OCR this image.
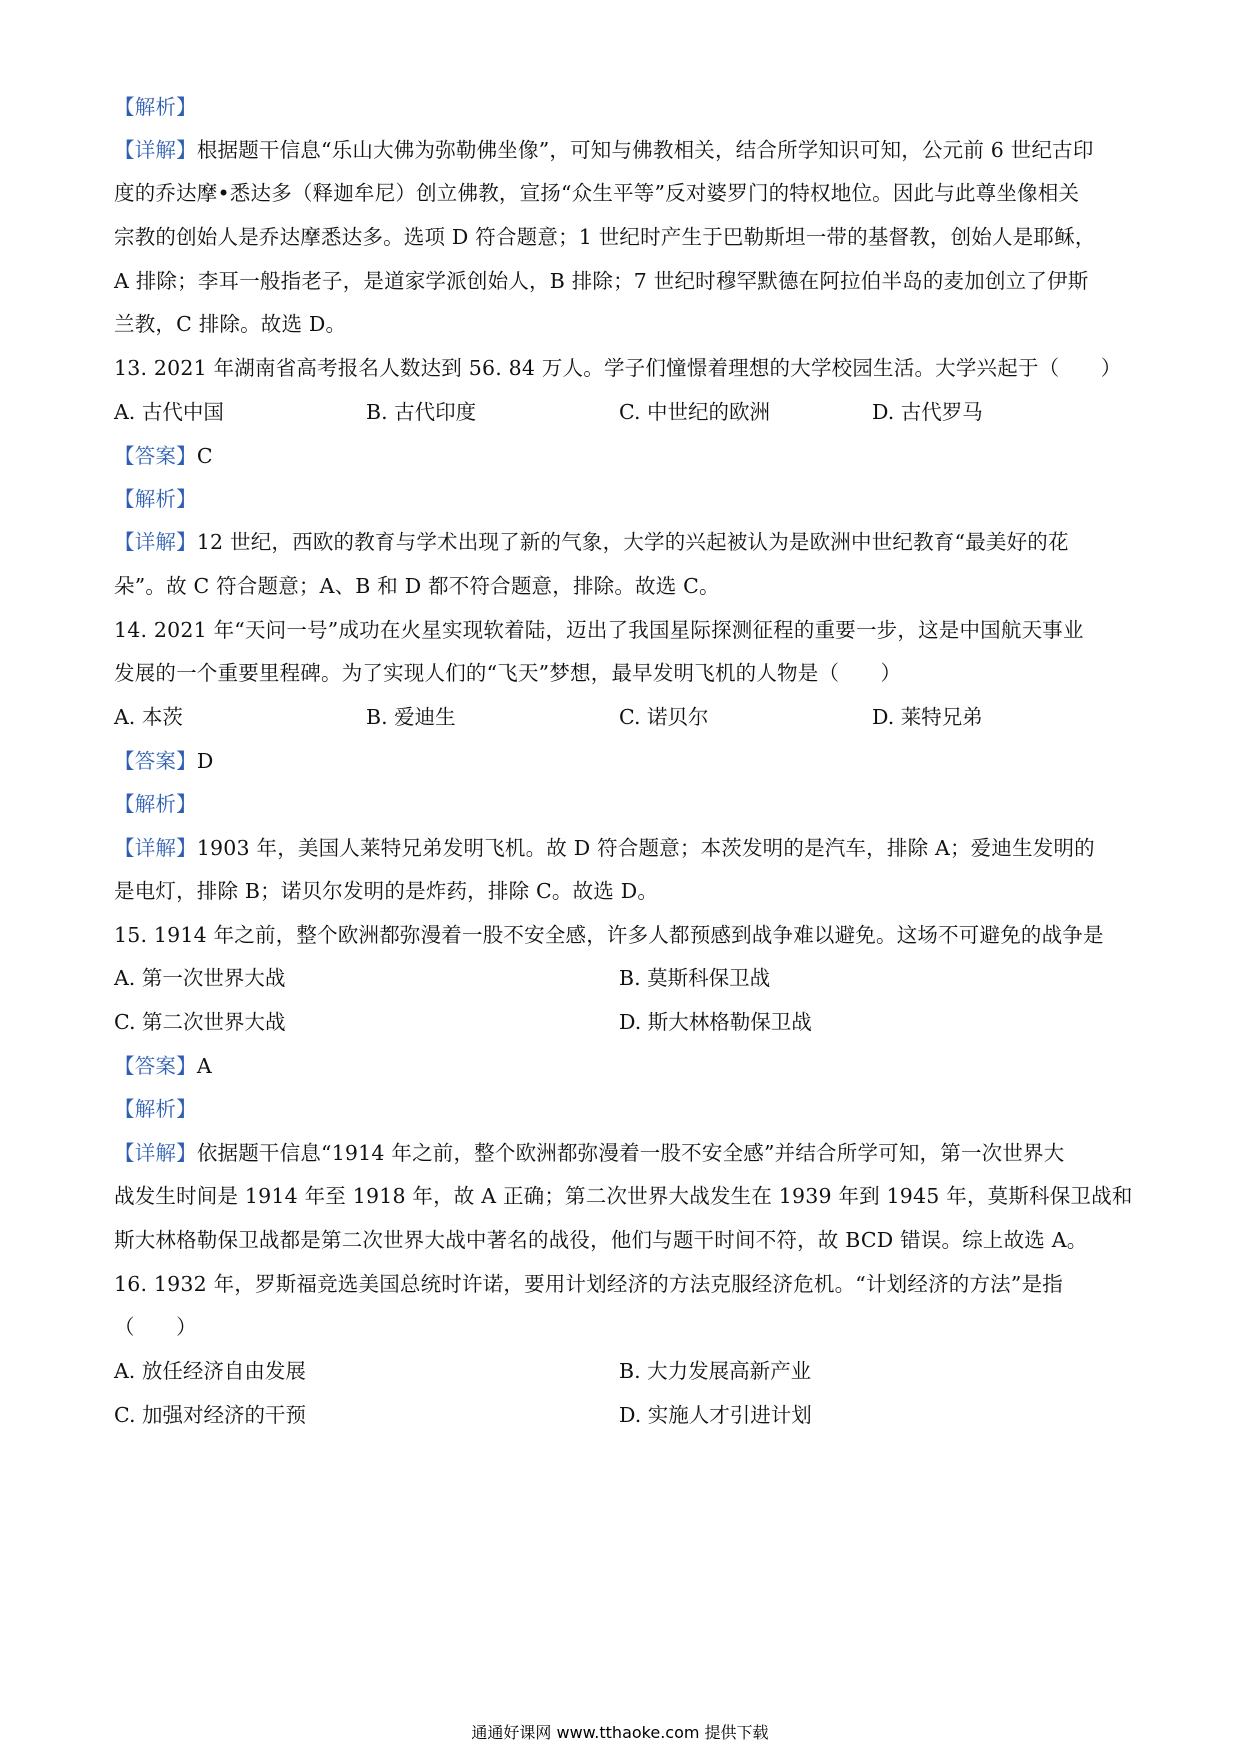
【解析】
【详解】根据题干信息“乐山大佛为弥勒佛坐像”，可知与佛教相关，结合所学知识可知，公元前 6 世纪古印
度的乔达摩•悉达多（释迦牟尼）创立佛教，宣扬“众生平等”反对婆罗门的特权地位。因此与此尊坐像相关
宗教的创始人是乔达摩悉达多。选项 D 符合题意；1 世纪时产生于巴勒斯坦一带的基督教，创始人是耶稣，
A 排除；李耳一般指老子，是道家学派创始人，B 排除；7 世纪时穆罕默德在阿拉伯半岛的麦加创立了伊斯
兰教，C 排除。故选 D。
13. 2021 年湖南省高考报名人数达到 56. 84 万人。学子们憧憬着理想的大学校园生活。大学兴起于（　　）
A. 古代中国	B. 古代印度	C. 中世纪的欧洲	D. 古代罗马
【答案】C
【解析】
【详解】12 世纪，西欧的教育与学术出现了新的气象，大学的兴起被认为是欧洲中世纪教育“最美好的花
朵”。故 C 符合题意；A、B 和 D 都不符合题意，排除。故选 C。
14. 2021 年“天问一号”成功在火星实现软着陆，迈出了我国星际探测征程的重要一步，这是中国航天事业
发展的一个重要里程碑。为了实现人们的“飞天”梦想，最早发明飞机的人物是（　　）
A. 本茨	B. 爱迪生	C. 诺贝尔	D. 莱特兄弟
【答案】D
【解析】
【详解】1903 年，美国人莱特兄弟发明飞机。故 D 符合题意；本茨发明的是汽车，排除 A；爱迪生发明的
是电灯，排除 B；诺贝尔发明的是炸药，排除 C。故选 D。
15. 1914 年之前，整个欧洲都弥漫着一股不安全感，许多人都预感到战争难以避免。这场不可避免的战争是
A. 第一次世界大战	B. 莫斯科保卫战
C. 第二次世界大战	D. 斯大林格勒保卫战
【答案】A
【解析】
【详解】依据题干信息“1914 年之前，整个欧洲都弥漫着一股不安全感”并结合所学可知，第一次世界大
战发生时间是 1914 年至 1918 年，故 A 正确；第二次世界大战发生在 1939 年到 1945 年，莫斯科保卫战和
斯大林格勒保卫战都是第二次世界大战中著名的战役，他们与题干时间不符，故 BCD 错误。综上故选 A。
16. 1932 年，罗斯福竞选美国总统时许诺，要用计划经济的方法克服经济危机。“计划经济的方法”是指
（　　）
A. 放任经济自由发展	B. 大力发展高新产业
C. 加强对经济的干预	D. 实施人才引进计划
通通好课网 www.tthaoke.com 提供下载
